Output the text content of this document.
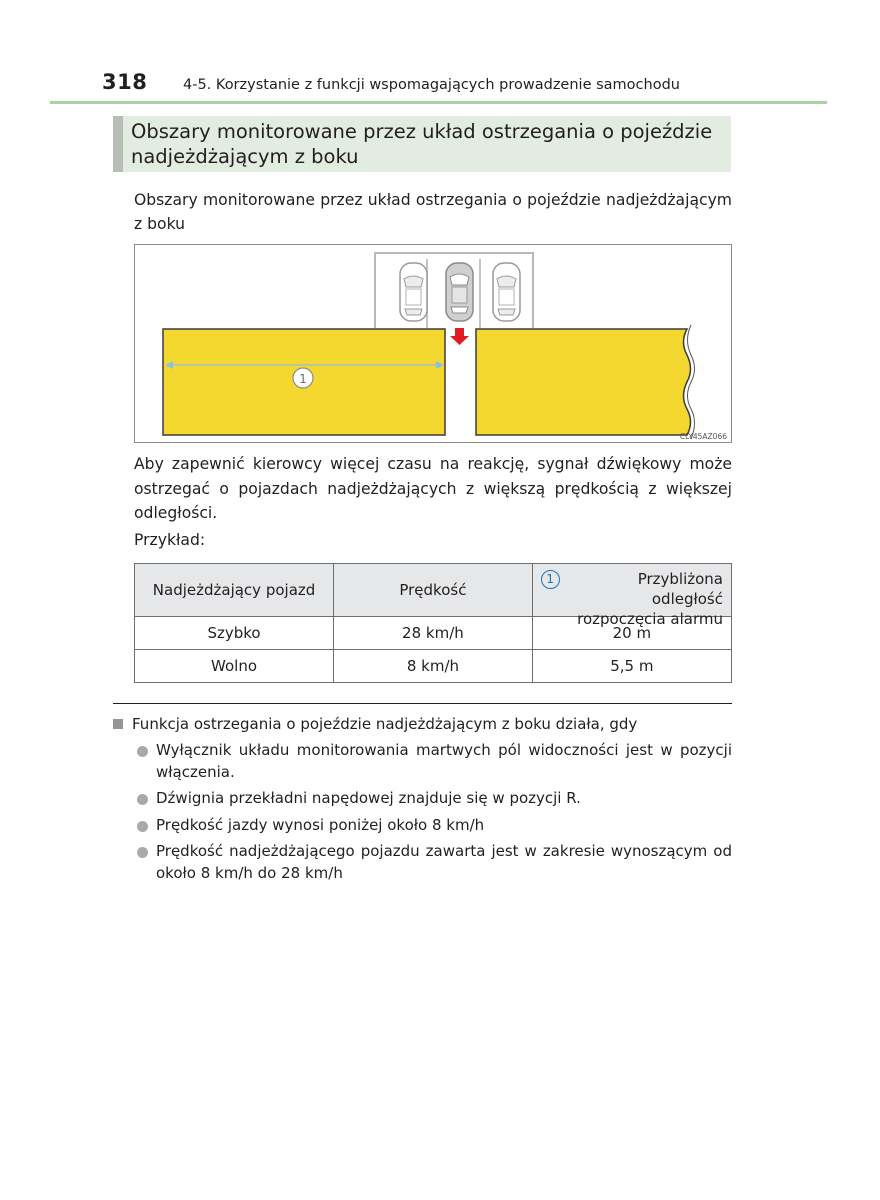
318 4-5. Korzystanie z funkcji wspomagających prowadzenie samochodu
Obszary monitorowane przez układ ostrzegania o pojeździe
nadjeżdżającym z boku
Obszary monitorowane przez układ ostrzegania o pojeździe nadjeżdżającym z boku
1
CLY45AZ066
Aby zapewnić kierowcy więcej czasu na reakcję, sygnał dźwiękowy może ostrzegać o pojazdach nadjeżdżających z większą prędkością z większej odległości.
Przykład:
Nadjeżdżający pojazd	Prędkość	1 Przybliżona odległość rozpoczęcia alarmu

Szybko	28 km/h	20 m
Wolno	8 km/h	5,5 m
Funkcja ostrzegania o pojeździe nadjeżdżającym z boku działa, gdy
Wyłącznik układu monitorowania martwych pól widoczności jest w pozycji włączenia.
Dźwignia przekładni napędowej znajduje się w pozycji R.
Prędkość jazdy wynosi poniżej około 8 km/h
Prędkość nadjeżdżającego pojazdu zawarta jest w zakresie wynoszącym od około 8 km/h do 28 km/h
